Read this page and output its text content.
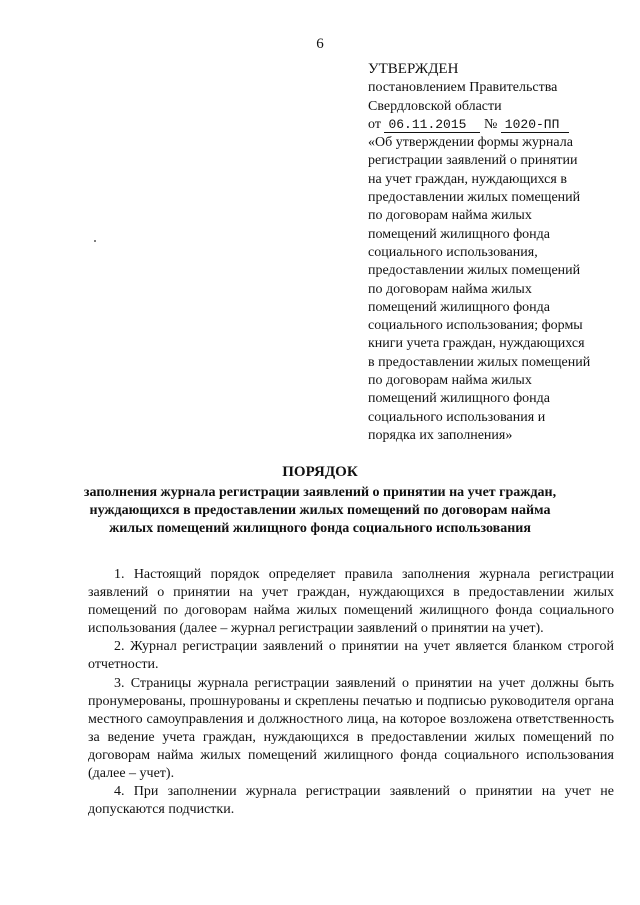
6
УТВЕРЖДЕН
постановлением Правительства
Свердловской области
от 06.11.2015 № 1020-ПП
«Об утверждении формы журнала
регистрации заявлений о принятии
на учет граждан, нуждающихся в
предоставлении жилых помещений
по договорам найма жилых
помещений жилищного фонда
социального использования,
предоставлении жилых помещений
по договорам найма жилых
помещений жилищного фонда
социального использования; формы
книги учета граждан, нуждающихся
в предоставлении жилых помещений
по договорам найма жилых
помещений жилищного фонда
социального использования и
порядка их заполнения»
ПОРЯДОК
заполнения журнала регистрации заявлений о принятии на учет граждан,
нуждающихся в предоставлении жилых помещений по договорам найма
жилых помещений жилищного фонда социального использования

1. Настоящий порядок определяет правила заполнения журнала регистрации заявлений о принятии на учет граждан, нуждающихся в предоставлении жилых помещений по договорам найма жилых помещений жилищного фонда социального использования (далее – журнал регистрации заявлений о принятии на учет).

2. Журнал регистрации заявлений о принятии на учет является бланком строгой отчетности.

3. Страницы журнала регистрации заявлений о принятии на учет должны быть пронумерованы, прошнурованы и скреплены печатью и подписью руководителя органа местного самоуправления и должностного лица, на которое возложена ответственность за ведение учета граждан, нуждающихся в предоставлении жилых помещений по договорам найма жилых помещений жилищного фонда социального использования (далее – учет).

4. При заполнении журнала регистрации заявлений о принятии на учет не допускаются подчистки.
